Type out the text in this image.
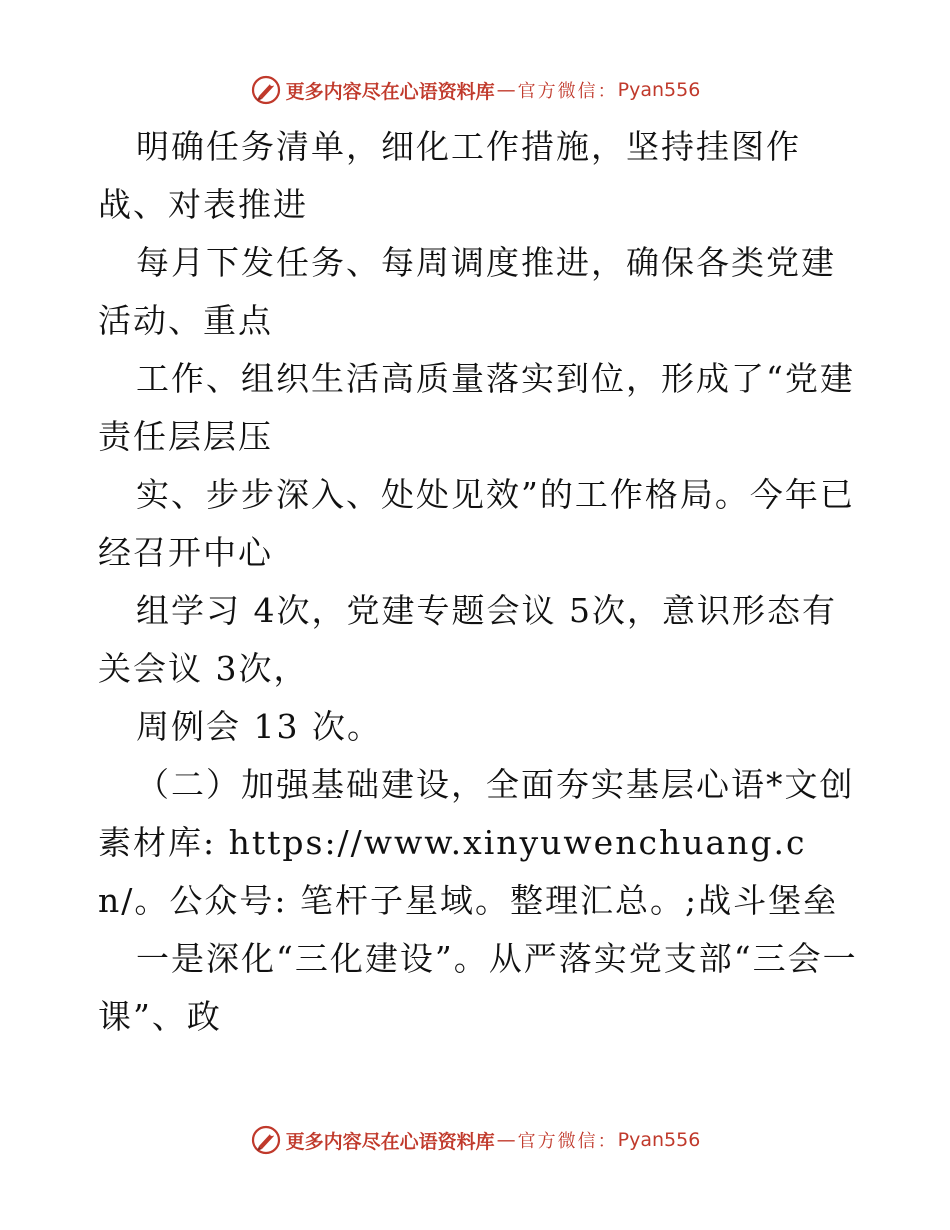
更多内容尽在心语资料库 — 官方微信： Pyan556

明确任务清单，细化工作措施，坚持挂图作战、对表推进

每月下发任务、每周调度推进，确保各类党建活动、重点

工作、组织生活高质量落实到位，形成了“党建责任层层压

实、步步深入、处处见效”的工作格局。今年已经召开中心

组学习 4次，党建专题会议 5次，意识形态有关会议 3次，

周例会 13 次。

（二）加强基础建设，全面夯实基层心语*文创素材库: https://www.xinyuwenchuang.cn/。公众号: 笔杆子星域。整理汇总。;战斗堡垒

一是深化“三化建设”。从严落实党支部“三会一课”、政

更多内容尽在心语资料库 — 官方微信： Pyan556
